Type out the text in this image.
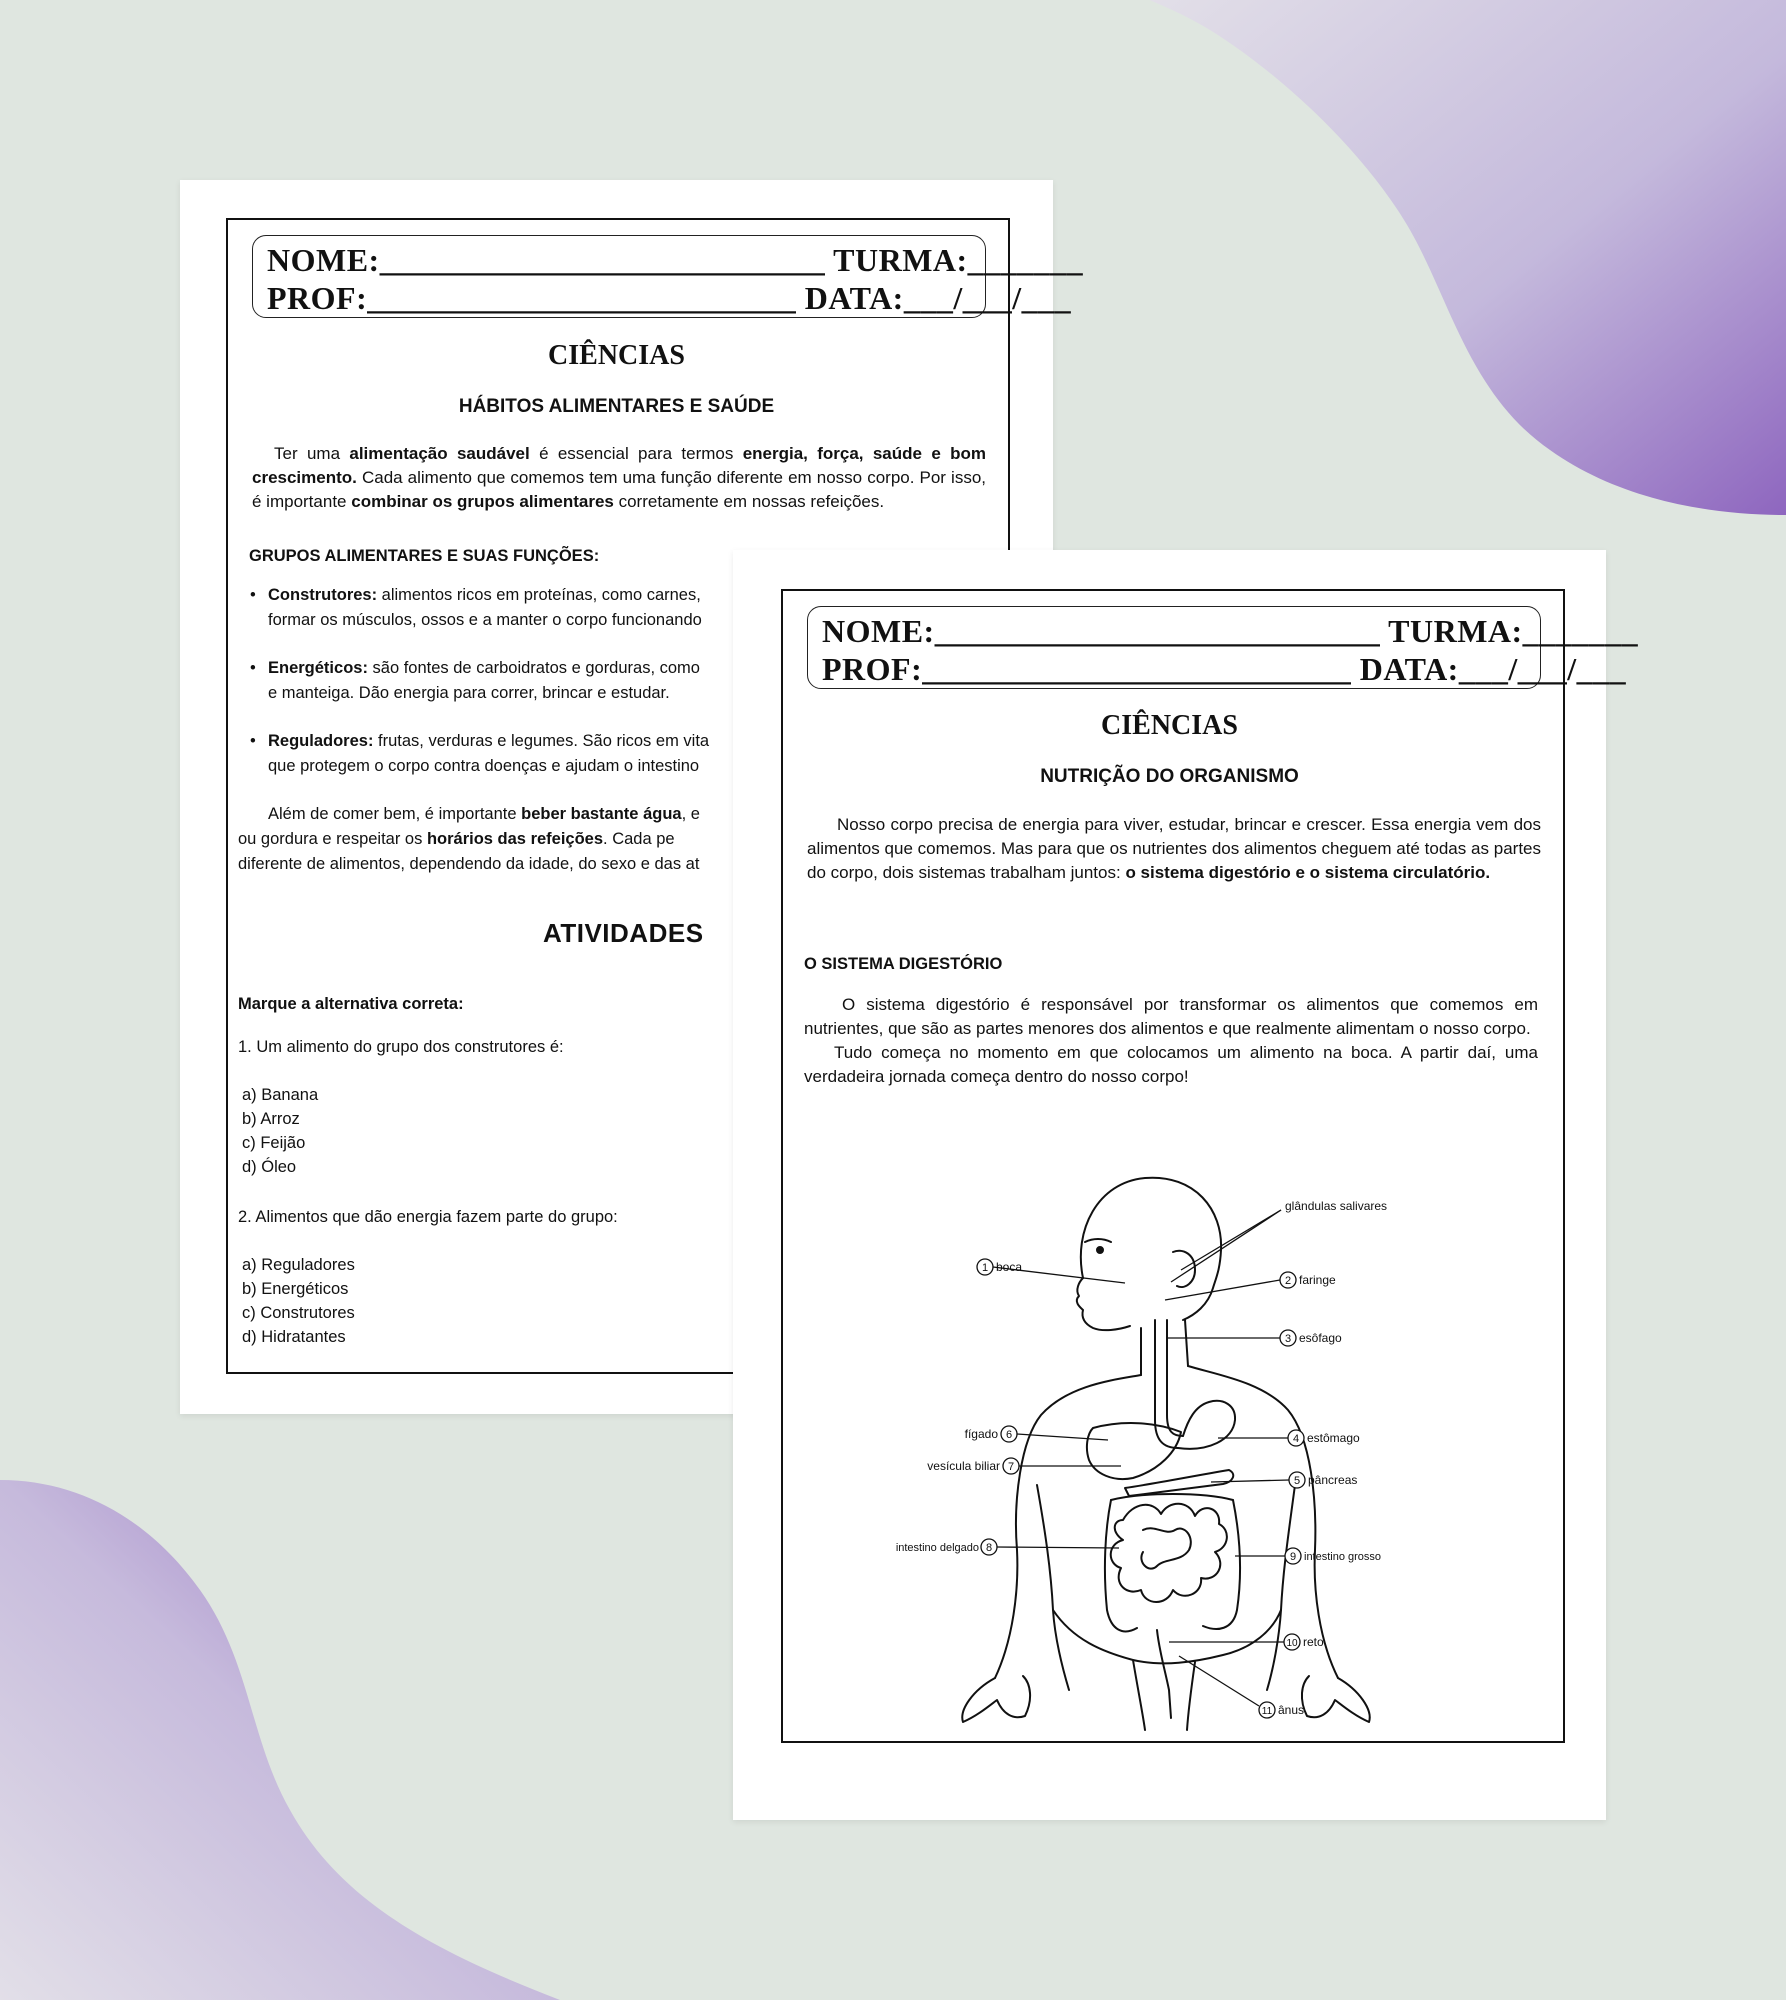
NOME:___________________________ TURMA:_______
PROF:__________________________ DATA:___/___/___
CIÊNCIAS
HÁBITOS ALIMENTARES E SAÚDE
Ter uma alimentação saudável é essencial para termos energia, força, saúde e bom crescimento. Cada alimento que comemos tem uma função diferente em nosso corpo. Por isso, é importante combinar os grupos alimentares corretamente em nossas refeições.
GRUPOS ALIMENTARES E SUAS FUNÇÕES:
• Construtores: alimentos ricos em proteínas, como carnes,
formar os músculos, ossos e a manter o corpo funcionando
• Energéticos: são fontes de carboidratos e gorduras, como
e manteiga. Dão energia para correr, brincar e estudar.
• Reguladores: frutas, verduras e legumes. São ricos em vita
que protegem o corpo contra doenças e ajudam o intestino
Além de comer bem, é importante beber bastante água, e
ou gordura e respeitar os horários das refeições. Cada pe
diferente de alimentos, dependendo da idade, do sexo e das at
ATIVIDADES
Marque a alternativa correta:
1. Um alimento do grupo dos construtores é:
a) Banana
b) Arroz
c) Feijão
d) Óleo
2. Alimentos que dão energia fazem parte do grupo:
a) Reguladores
b) Energéticos
c) Construtores
d) Hidratantes
NOME:___________________________ TURMA:_______
PROF:__________________________ DATA:___/___/___
CIÊNCIAS
NUTRIÇÃO DO ORGANISMO
Nosso corpo precisa de energia para viver, estudar, brincar e crescer. Essa energia vem dos alimentos que comemos. Mas para que os nutrientes dos alimentos cheguem até todas as partes do corpo, dois sistemas trabalham juntos: o sistema digestório e o sistema circulatório.
O SISTEMA DIGESTÓRIO
O sistema digestório é responsável por transformar os alimentos que comemos em nutrientes, que são as partes menores dos alimentos e que realmente alimentam o nosso corpo.
Tudo começa no momento em que colocamos um alimento na boca. A partir daí, uma verdadeira jornada começa dentro do nosso corpo!
1
2
3
4
5
6
7
8
9
10
11
glândulas salivares
boca
faringe
esôfago
estômago
pâncreas
fígado
vesícula biliar
intestino delgado
intestino grosso
reto
ânus
